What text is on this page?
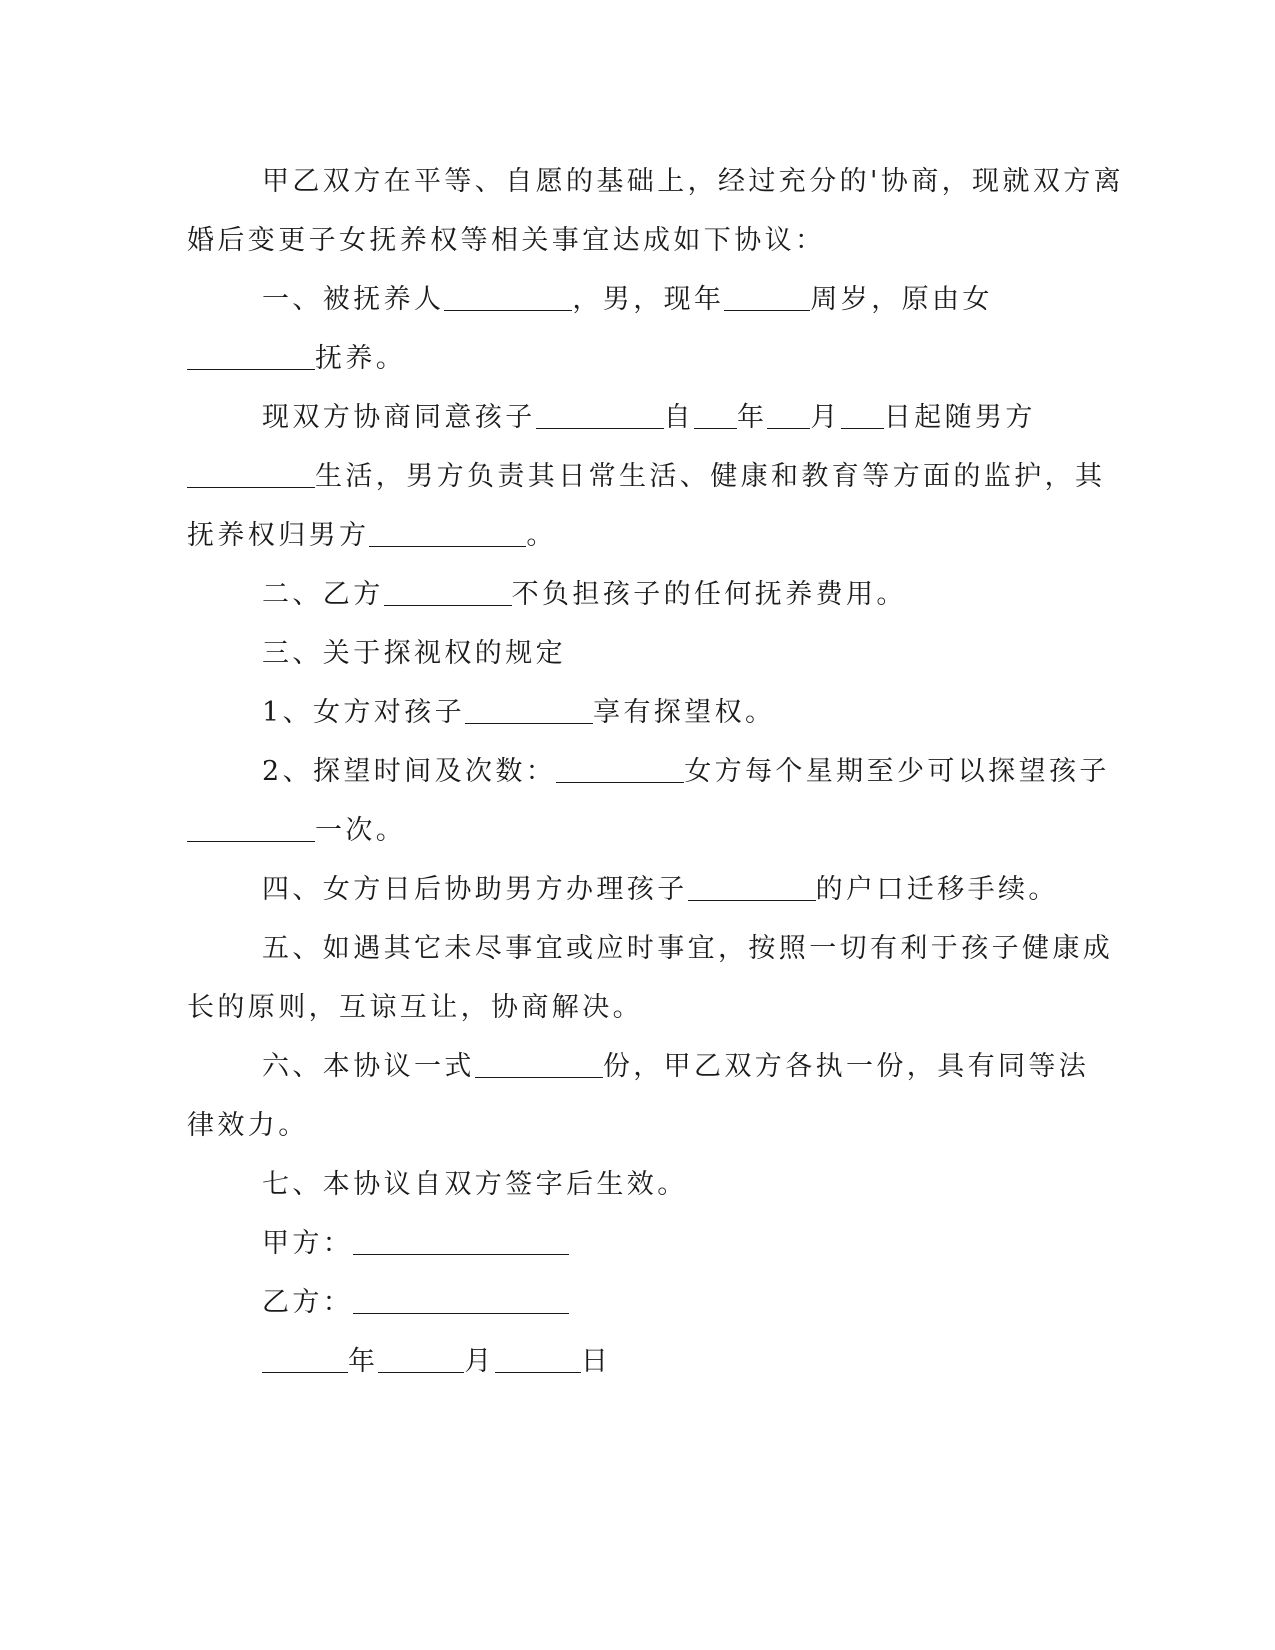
甲乙双方在平等、自愿的基础上，经过充分的'协商，现就双方离
婚后变更子女抚养权等相关事宜达成如下协议：
一、被抚养人	，男，现年	周岁，原由女
抚养。
现双方协商同意孩子	自 年 月 日起随男方
生活，男方负责其日常生活、健康和教育等方面的监护，其
抚养权归男方	。
二、乙方	不负担孩子的任何抚养费用。
三、关于探视权的规定
1、女方对孩子	享有探望权。
2、探望时间及次数：	女方每个星期至少可以探望孩子
一次。
四、女方日后协助男方办理孩子	的户口迁移手续。
五、如遇其它未尽事宜或应时事宜，按照一切有利于孩子健康成
长的原则，互谅互让，协商解决。
六、本协议一式	份，甲乙双方各执一份，具有同等法
律效力。
七、本协议自双方签字后生效。
甲方：
乙方：
年	月	日
